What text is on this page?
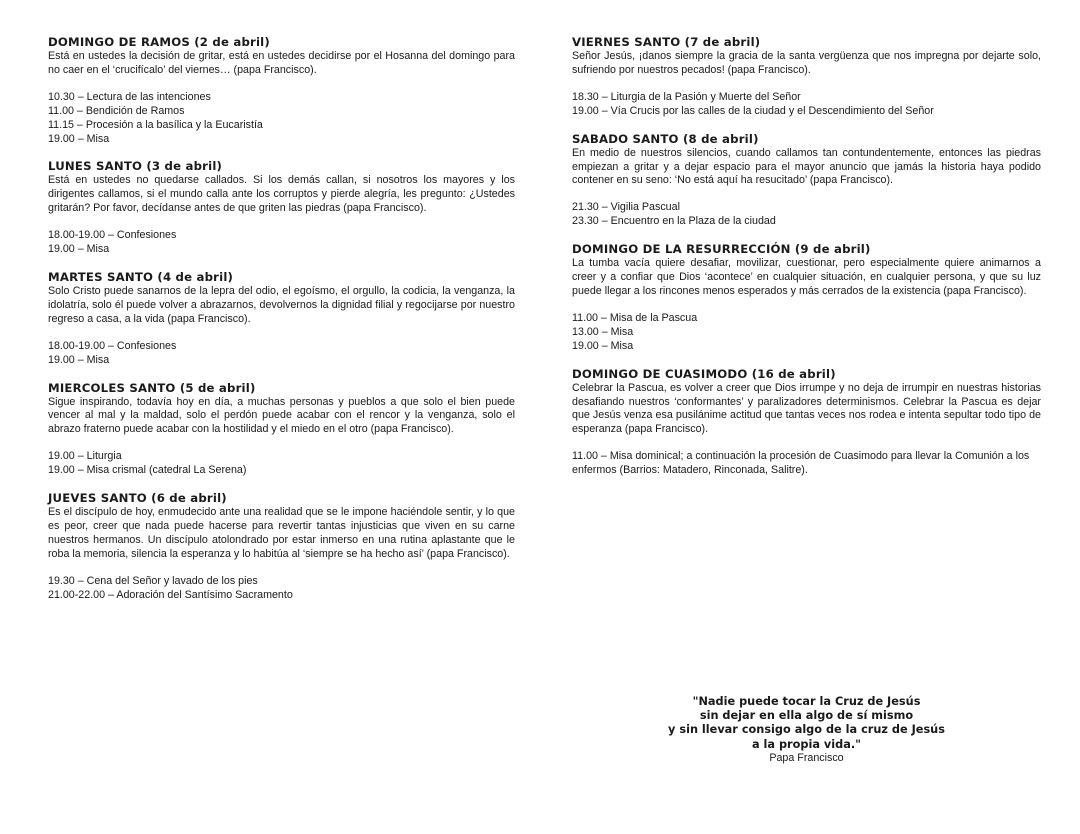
DOMINGO DE RAMOS (2 de abril)
Está en ustedes la decisión de gritar, está en ustedes decidirse por el Hosanna del domingo para no caer en el ‘crucifícalo’ del viernes… (papa Francisco).
10.30 – Lectura de las intenciones
11.00 – Bendición de Ramos
11.15 – Procesión a la basílica y la Eucaristía
19.00 – Misa
LUNES SANTO (3 de abril)
Está en ustedes no quedarse callados. Si los demás callan, si nosotros los mayores y los dirigentes callamos, si el mundo calla ante los corruptos y pierde alegría, les pregunto: ¿Ustedes gritarán? Por favor, decídanse antes de que griten las piedras (papa Francisco).
18.00-19.00 – Confesiones
19.00 – Misa
MARTES SANTO (4 de abril)
Solo Cristo puede sanarnos de la lepra del odio, el egoísmo, el orgullo, la codicia, la venganza, la idolatría, solo él puede volver a abrazarnos, devolvernos la dignidad filial y regocijarse por nuestro regreso a casa, a la vida (papa Francisco).
18.00-19.00 – Confesiones
19.00 – Misa
MIERCOLES SANTO (5 de abril)
Sigue inspirando, todavía hoy en día, a muchas personas y pueblos a que solo el bien puede vencer al mal y la maldad, solo el perdón puede acabar con el rencor y la venganza, solo el abrazo fraterno puede acabar con la hostilidad y el miedo en el otro (papa Francisco).
19.00 – Liturgia
19.00 – Misa crismal (catedral La Serena)
JUEVES SANTO (6 de abril)
Es el discípulo de hoy, enmudecido ante una realidad que se le impone haciéndole sentir, y lo que es peor, creer que nada puede hacerse para revertir tantas injusticias que viven en su carne nuestros hermanos. Un discípulo atolondrado por estar inmerso en una rutina aplastante que le roba la memoria, silencia la esperanza y lo habitúa al ‘siempre se ha hecho así’ (papa Francisco).
19.30 – Cena del Señor y lavado de los pies
21.00-22.00 – Adoración del Santísimo Sacramento
VIERNES SANTO (7 de abril)
Señor Jesús, ¡danos siempre la gracia de la santa vergüenza que nos impregna por dejarte solo, sufriendo por nuestros pecados! (papa Francisco).
18.30 – Liturgia de la Pasión y Muerte del Señor
19.00 – Vía Crucis por las calles de la ciudad y el Descendimiento del Señor
SABADO SANTO (8 de abril)
En medio de nuestros silencios, cuando callamos tan contundentemente, entonces las piedras empiezan a gritar y a dejar espacio para el mayor anuncio que jamás la historia haya podido contener en su seno: ‘No está aquí ha resucitado’ (papa Francisco).
21.30 – Vigilia Pascual
23.30 – Encuentro en la Plaza de la ciudad
DOMINGO DE LA RESURRECCIÓN (9 de abril)
La tumba vacía quiere desafiar, movilizar, cuestionar, pero especialmente quiere animarnos a creer y a confiar que Dios ‘acontece’ en cualquier situación, en cualquier persona, y que su luz puede llegar a los rincones menos esperados y más cerrados de la existencia (papa Francisco).
11.00 – Misa de la Pascua
13.00 – Misa
19.00 – Misa
DOMINGO DE CUASIMODO (16 de abril)
Celebrar la Pascua, es volver a creer que Dios irrumpe y no deja de irrumpir en nuestras historias desafiando nuestros ‘conformantes’ y paralizadores determinismos. Celebrar la Pascua es dejar que Jesús venza esa pusilánime actitud que tantas veces nos rodea e intenta sepultar todo tipo de esperanza (papa Francisco).
11.00 – Misa dominical; a continuación la procesión de Cuasimodo para llevar la Comunión a los enfermos (Barrios: Matadero, Rinconada, Salitre).
"Nadie puede tocar la Cruz de Jesús
sin dejar en ella algo de sí mismo
y sin llevar consigo algo de la cruz de Jesús
a la propia vida."
Papa Francisco
